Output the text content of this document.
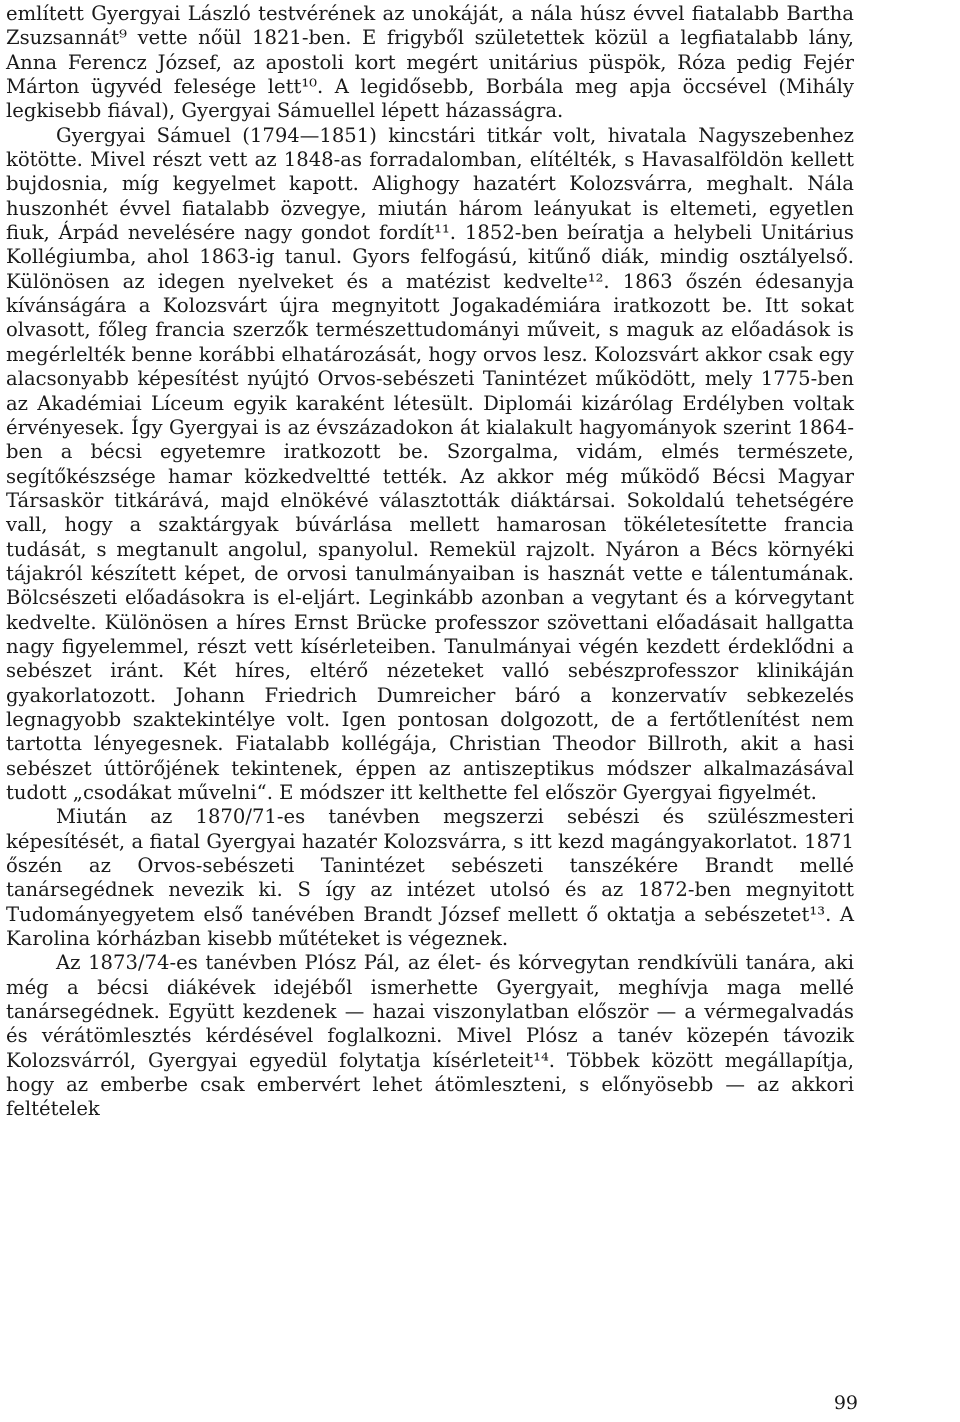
említett Gyergyai László testvérének az unokáját, a nála húsz évvel fiatalabb Bartha Zsuzsannát⁹ vette nőül 1821-ben. E frigyből születettek közül a legfiatalabb lány, Anna Ferencz József, az apostoli kort megért unitárius püspök, Róza pedig Fejér Márton ügyvéd felesége lett¹⁰. A legidősebb, Borbála meg apja öccsével (Mihály legkisebb fiával), Gyergyai Sámuellel lépett házasságra.

Gyergyai Sámuel (1794—1851) kincstári titkár volt, hivatala Nagyszebenhez kötötte. Mivel részt vett az 1848-as forradalomban, elítélték, s Havasalföldön kellett bujdosnia, míg kegyelmet kapott. Alighogy hazatért Kolozsvárra, meghalt. Nála huszonhét évvel fiatalabb özvegye, miután három leányukat is eltemeti, egyetlen fiuk, Árpád nevelésére nagy gondot fordít¹¹. 1852-ben beíratja a helybeli Unitárius Kollégiumba, ahol 1863-ig tanul. Gyors felfogású, kitűnő diák, mindig osztályelső. Különösen az idegen nyelveket és a matézist kedvelte¹². 1863 őszén édesanyja kívánságára a Kolozsvárt újra megnyitott Jogakadémiára iratkozott be. Itt sokat olvasott, főleg francia szerzők természettudományi műveit, s maguk az előadások is megérlelték benne korábbi elhatározását, hogy orvos lesz. Kolozsvárt akkor csak egy alacsonyabb képesítést nyújtó Orvos-sebészeti Tanintézet működött, mely 1775-ben az Akadémiai Líceum egyik karaként létesült. Diplomái kizárólag Erdélyben voltak érvényesek. Így Gyergyai is az évszázadokon át kialakult hagyományok szerint 1864-ben a bécsi egyetemre iratkozott be. Szorgalma, vidám, elmés természete, segítőkészsége hamar közkedveltté tették. Az akkor még működő Bécsi Magyar Társaskör titkárává, majd elnökévé választották diáktársai. Sokoldalú tehetségére vall, hogy a szaktárgyak búvárlása mellett hamarosan tökéletesítette francia tudását, s megtanult angolul, spanyolul. Remekül rajzolt. Nyáron a Bécs környéki tájakról készített képet, de orvosi tanulmányaiban is hasznát vette e tálentumának. Bölcsészeti előadásokra is el-eljárt. Leginkább azonban a vegytant és a kórvegytant kedvelte. Különösen a híres Ernst Brücke professzor szövettani előadásait hallgatta nagy figyelemmel, részt vett kísérleteiben. Tanulmányai végén kezdett érdeklődni a sebészet iránt. Két híres, eltérő nézeteket valló sebészprofesszor klinikáján gyakorlatozott. Johann Friedrich Dumreicher báró a konzervatív sebkezelés legnagyobb szaktekintélye volt. Igen pontosan dolgozott, de a fertőtlenítést nem tartotta lényegesnek. Fiatalabb kollégája, Christian Theodor Billroth, akit a hasi sebészet úttörőjének tekintenek, éppen az antiszeptikus módszer alkalmazásával tudott „csodákat művelni“. E módszer itt kelthette fel először Gyergyai figyelmét.

Miután az 1870/71-es tanévben megszerzi sebészi és szülészmesteri képesítését, a fiatal Gyergyai hazatér Kolozsvárra, s itt kezd magángyakorlatot. 1871 őszén az Orvos-sebészeti Tanintézet sebészeti tanszékére Brandt mellé tanársegédnek nevezik ki. S így az intézet utolsó és az 1872-ben megnyitott Tudományegyetem első tanévében Brandt József mellett ő oktatja a sebészetet¹³. A Karolina kórházban kisebb műtéteket is végeznek.

Az 1873/74-es tanévben Plósz Pál, az élet- és kórvegytan rendkívüli tanára, aki még a bécsi diákévek idejéből ismerhette Gyergyait, meghívja maga mellé tanársegédnek. Együtt kezdenek — hazai viszonylatban először — a vérmegalvadás és vérátömlesztés kérdésével foglalkozni. Mivel Plósz a tanév közepén távozik Kolozsvárról, Gyergyai egyedül folytatja kísérleteit¹⁴. Többek között megállapítja, hogy az emberbe csak embervért lehet átömleszteni, s előnyösebb — az akkori feltételek

99
